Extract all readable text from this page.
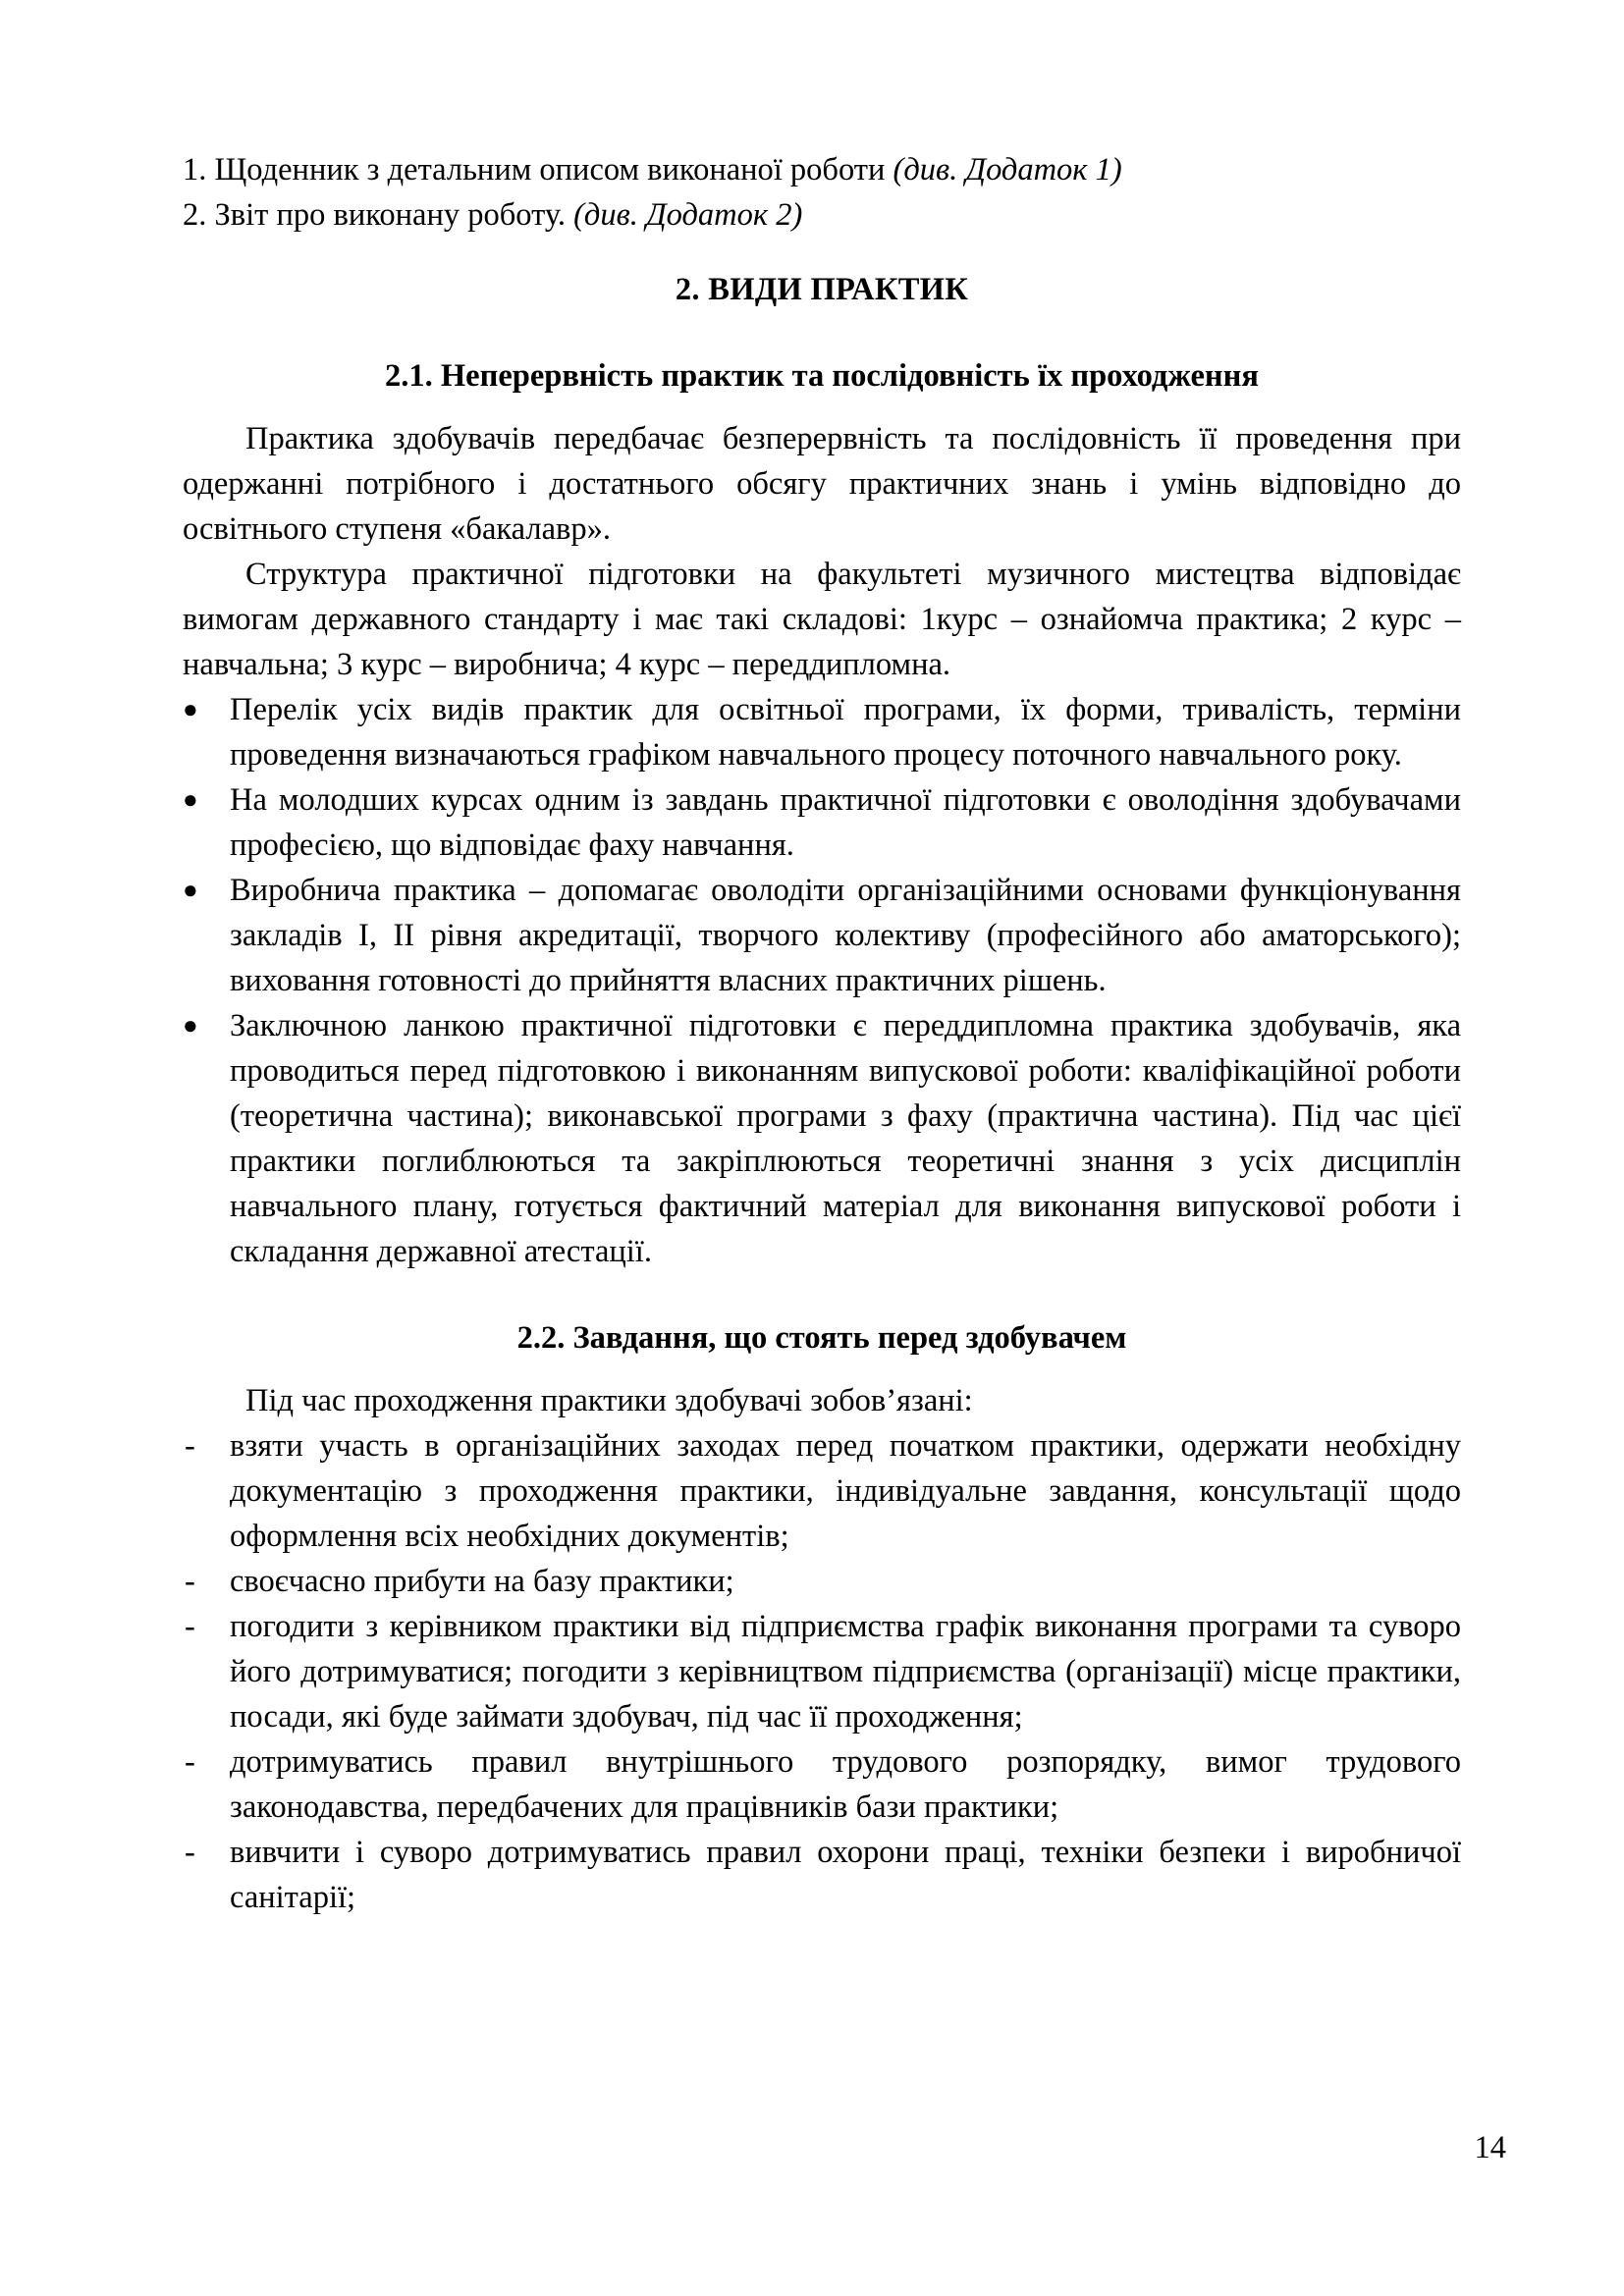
1. Щоденник з детальним описом виконаної роботи (див. Додаток 1)
2. Звіт про виконану роботу. (див. Додаток 2)
2. ВИДИ ПРАКТИК
2.1. Неперервність практик та послідовність їх проходження

Практика здобувачів передбачає безперервність та послідовність її проведення при одержанні потрібного і достатнього обсягу практичних знань і умінь відповідно до освітнього ступеня «бакалавр».

Структура практичної підготовки на факультеті музичного мистецтва відповідає вимогам державного стандарту і має такі складові: 1курс – ознайомча практика; 2 курс – навчальна; 3 курс – виробнича; 4 курс – переддипломна.

● Перелік усіх видів практик для освітньої програми, їх форми, тривалість, терміни проведення визначаються графіком навчального процесу поточного навчального року.
● На молодших курсах одним із завдань практичної підготовки є оволодіння здобувачами професією, що відповідає фаху навчання.
● Виробнича практика – допомагає оволодіти організаційними основами функціонування закладів I, II рівня акредитації, творчого колективу (професійного або аматорського); виховання готовності до прийняття власних практичних рішень.
● Заключною ланкою практичної підготовки є переддипломна практика здобувачів, яка проводиться перед підготовкою і виконанням випускової роботи: кваліфікаційної роботи (теоретична частина); виконавської програми з фаху (практична частина). Під час цієї практики поглиблюються та закріплюються теоретичні знання з усіх дисциплін навчального плану, готується фактичний матеріал для виконання випускової роботи і складання державної атестації.
2.2. Завдання, що стоять перед здобувачем

Під час проходження практики здобувачі зобов’язані:

-	взяти участь в організаційних заходах перед початком практики, одержати необхідну документацію з проходження практики, індивідуальне завдання, консультації щодо оформлення всіх необхідних документів;
-	своєчасно прибути на базу практики;
-	погодити з керівником практики від підприємства графік виконання програми та суворо його дотримуватися; погодити з керівництвом підприємства (організації) місце практики, посади, які буде займати здобувач, під час її проходження;
-	дотримуватись правил внутрішнього трудового розпорядку, вимог трудового законодавства, передбачених для працівників бази практики;
-	вивчити і суворо дотримуватись правил охорони праці, техніки безпеки і виробничої санітарії;
14
